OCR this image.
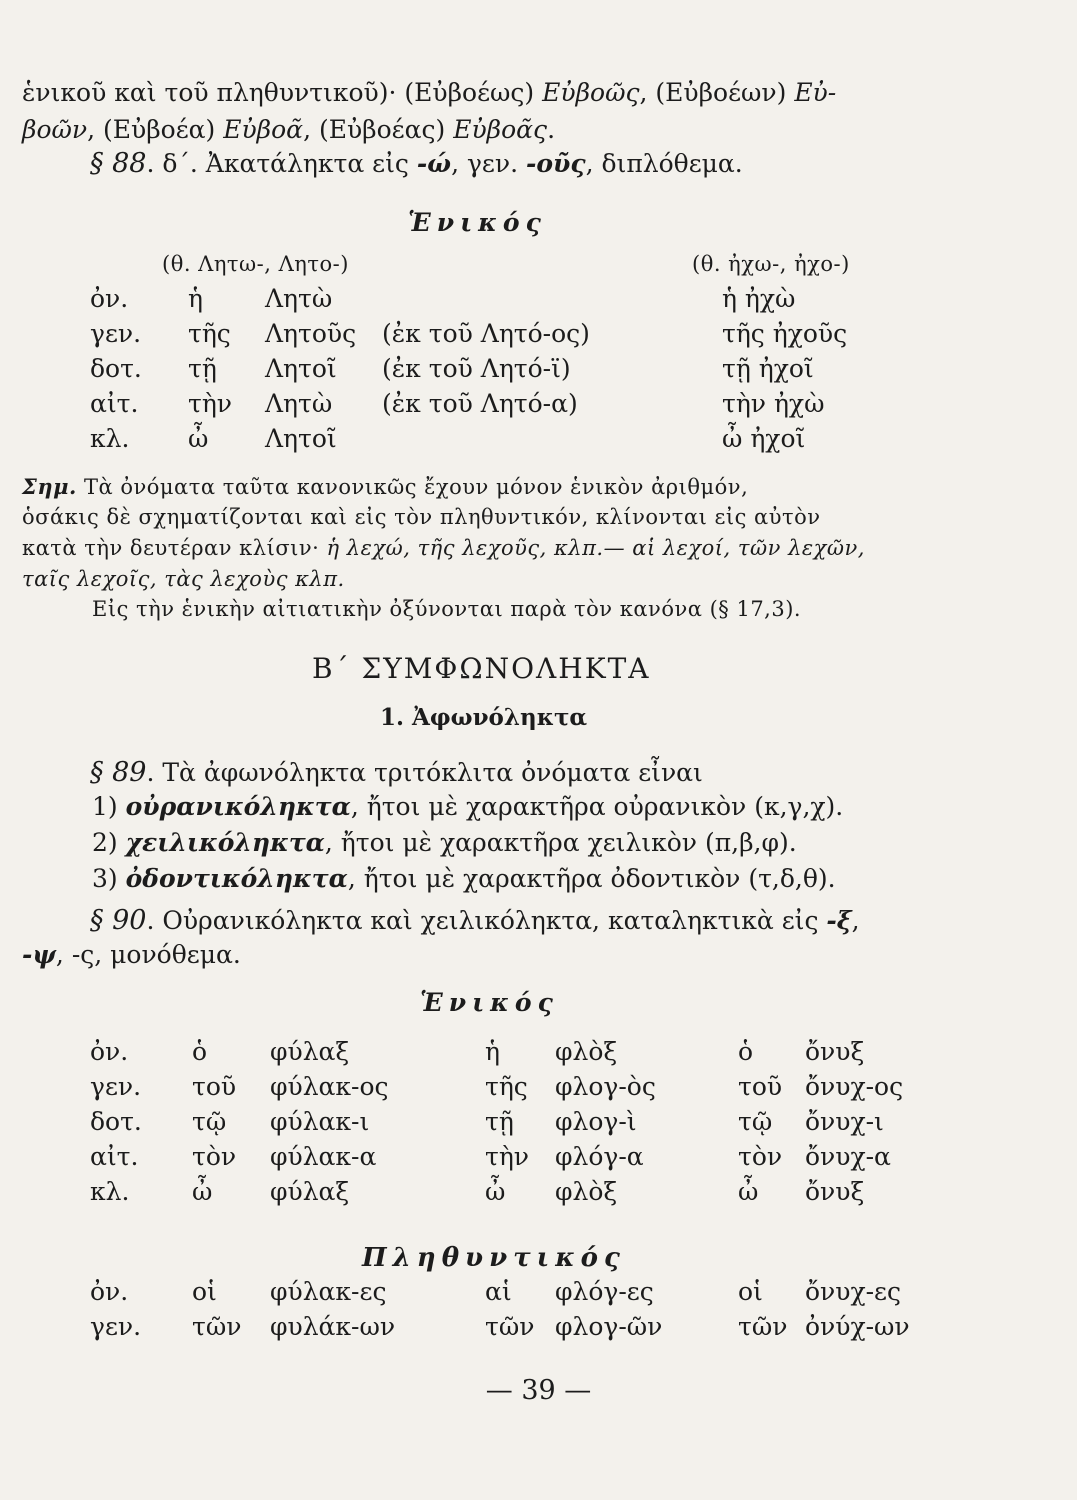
ἑνικοῦ καὶ τοῦ πληθυντικοῦ)· (Εὐβοέως) Εὐβοῶς, (Εὐβοέων) Εὐ-
βοῶν, (Εὐβοέα) Εὐβοᾶ, (Εὐβοέας) Εὐβοᾶς.
§ 88. δ΄. Ἀκατάληκτα εἰς -ώ, γεν. -οῦς, διπλόθεμα.
Ἑνικός
(θ. Λητω-, Λητο-)	(θ. ἠχω-, ἠχο-)
ὀν. ἡ Λητὼ	ἡ ἠχὼ
γεν. τῆς Λητοῦς (ἐκ τοῦ Λητό-ος)	τῆς ἠχοῦς
δοτ. τῇ Λητοῖ (ἐκ τοῦ Λητό-ϊ)	τῇ ἠχοῖ
αἰτ. τὴν Λητὼ (ἐκ τοῦ Λητό-α)	τὴν ἠχὼ
κλ. ὦ Λητοῖ	ὦ ἠχοῖ
Σημ. Τὰ ὀνόματα ταῦτα κανονικῶς ἔχουν μόνον ἑνικὸν ἀριθμόν,
ὁσάκις δὲ σχηματίζονται καὶ εἰς τὸν πληθυντικόν, κλίνονται εἰς αὐτὸν
κατὰ τὴν δευτέραν κλίσιν· ἡ λεχώ, τῆς λεχοῦς, κλπ.— αἱ λεχοί, τῶν λεχῶν,
ταῖς λεχοῖς, τὰς λεχοὺς κλπ.
Εἰς τὴν ἑνικὴν αἰτιατικὴν ὀξύνονται παρὰ τὸν κανόνα (§ 17,3).
Β΄ ΣΥΜΦΩΝΟΛΗΚΤΑ
1. Ἀφωνόληκτα
§ 89. Τὰ ἀφωνόληκτα τριτόκλιτα ὀνόματα εἶναι
1) οὐρανικόληκτα, ἤτοι μὲ χαρακτῆρα οὐρανικὸν (κ,γ,χ).
2) χειλικόληκτα, ἤτοι μὲ χαρακτῆρα χειλικὸν (π,β,φ).
3) ὀδοντικόληκτα, ἤτοι μὲ χαρακτῆρα ὀδοντικὸν (τ,δ,θ).
§ 90. Οὐρανικόληκτα καὶ χειλικόληκτα, καταληκτικὰ εἰς -ξ,
-ψ, -ς, μονόθεμα.
Ἑνικός
ὀν.	ὁ	φύλαξ	ἡ φλὸξ	ὁ ὄνυξ
γεν. τοῦ φύλακ-ος	τῆς φλογ-ὸς	τοῦ ὄνυχ-ος
δοτ. τῷ φύλακ-ι	τῇ φλογ-ὶ	τῷ ὄνυχ-ι
αἰτ. τὸν φύλακ-α	τὴν φλόγ-α	τὸν ὄνυχ-α
κλ.	ὦ φύλαξ	ὦ φλὸξ	ὦ ὄνυξ
Πληθυντικός
ὀν.	οἱ φύλακ-ες	αἱ φλόγ-ες	οἱ ὄνυχ-ες
γεν. τῶν φυλάκ-ων	τῶν φλογ-ῶν	τῶν ὀνύχ-ων
— 39 —
